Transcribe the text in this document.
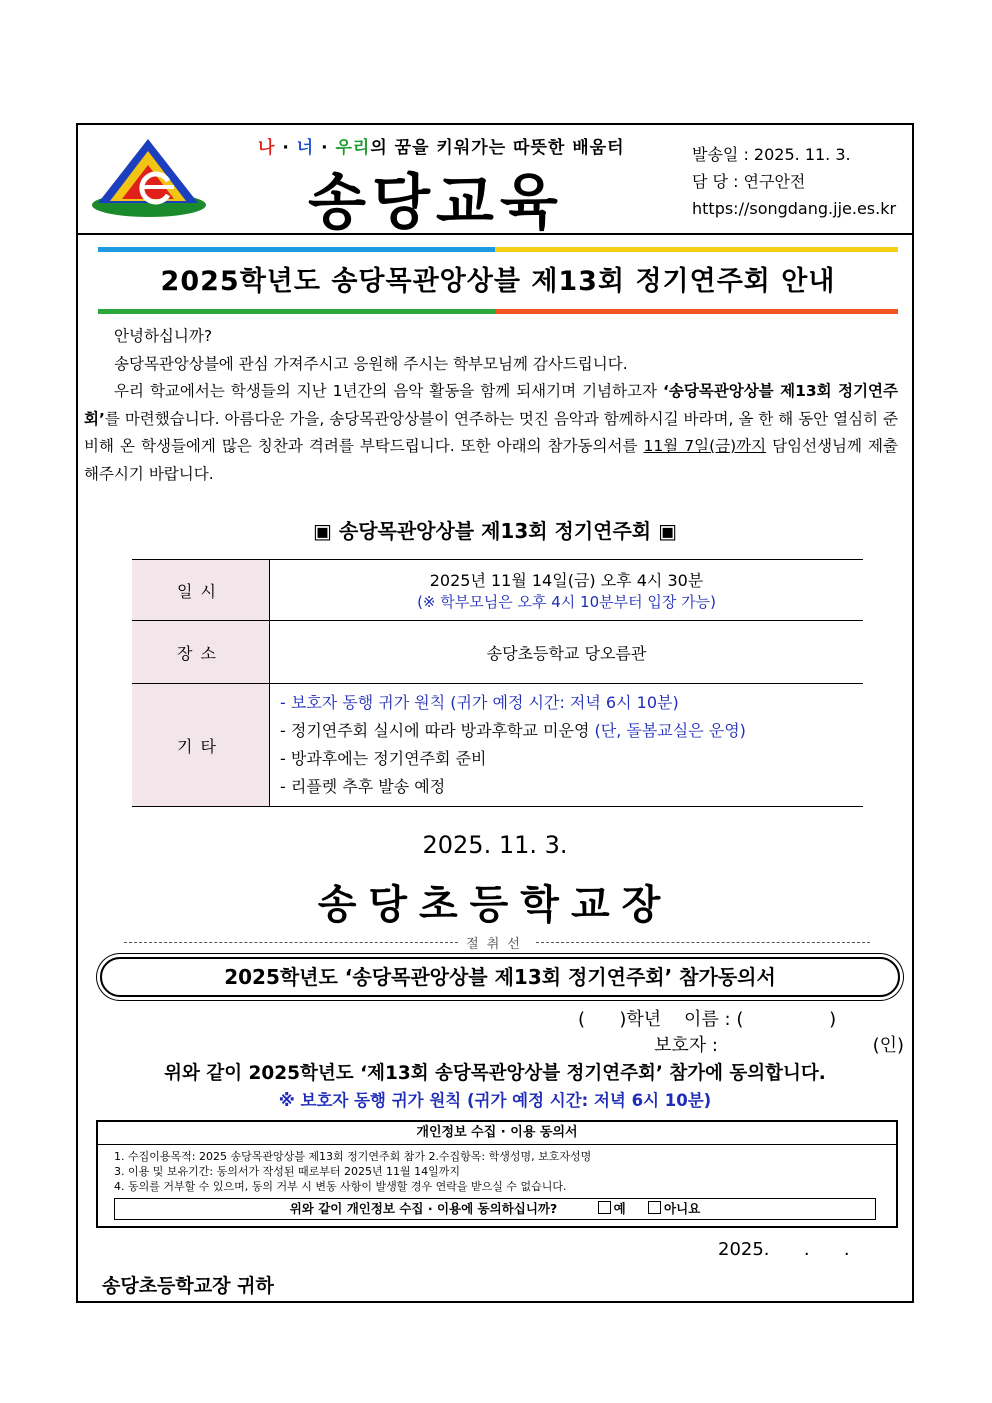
나 · 너 · 우리의 꿈을 키워가는 따뜻한 배움터
송당교육
발송일 : 2025. 11. 3.
담 당 : 연구안전
https://songdang.jje.es.kr
2025학년도 송당목관앙상블 제13회 정기연주회 안내

안녕하십니까?

송당목관앙상블에 관심 가져주시고 응원해 주시는 학부모님께 감사드립니다.

우리 학교에서는 학생들의 지난 1년간의 음악 활동을 함께 되새기며 기념하고자 ‘송당목관앙상블 제13회 정기연주회’를 마련했습니다. 아름다운 가을, 송당목관앙상블이 연주하는 멋진 음악과 함께하시길 바라며, 올 한 해 동안 열심히 준비해 온 학생들에게 많은 칭찬과 격려를 부탁드립니다. 또한 아래의 참가동의서를 11월 7일(금)까지 담임선생님께 제출해주시기 바랍니다.

▣ 송당목관앙상블 제13회 정기연주회 ▣
일시	2025년 11월 14일(금) 오후 4시 30분
(※ 학부모님은 오후 4시 10분부터 입장 가능)

장소	송당초등학교 당오름관
기타	- 보호자 동행 귀가 원칙 (귀가 예정 시간: 저녁 6시 10분)
- 정기연주회 실시에 따라 방과후학교 미운영 (단, 돌봄교실은 운영)
- 방과후에는 정기연주회 준비
- 리플렛 추후 발송 예정
2025. 11. 3.
송당초등학교장
절취선
2025학년도 ‘송당목관앙상블 제13회 정기연주회’ 참가동의서
(      )학년    이름 : (               )
보호자 :	(인)
위와 같이 2025학년도 ‘제13회 송당목관앙상블 정기연주회’ 참가에 동의합니다.
※ 보호자 동행 귀가 원칙 (귀가 예정 시간: 저녁 6시 10분)
개인정보 수집 · 이용 동의서
1. 수집이용목적: 2025 송당목관앙상블 제13회 정기연주회 참가 2.수집항목: 학생성명, 보호자성명
3. 이용 및 보유기간: 동의서가 작성된 때로부터 2025년 11월 14일까지
4. 동의를 거부할 수 있으며, 동의 거부 시 변동 사항이 발생할 경우 연락을 받으실 수 없습니다.
위와 같이 개인정보 수집 · 이용에 동의하십니까?	예	아니요
2025.      .      .
송당초등학교장 귀하
